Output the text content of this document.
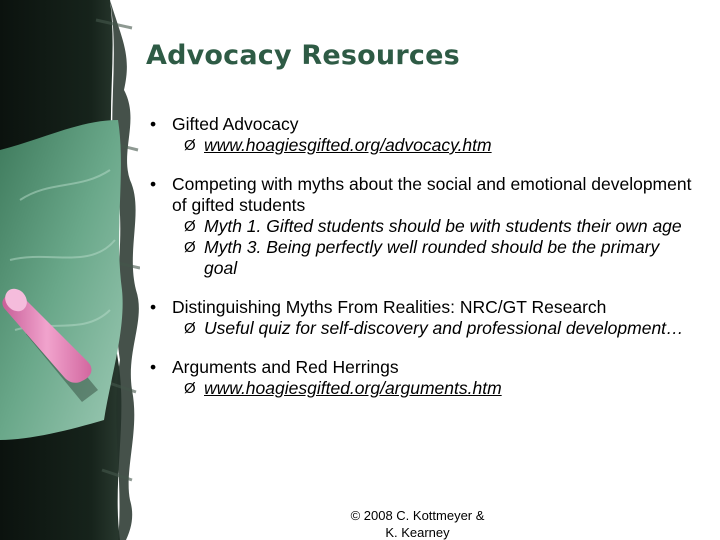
Advocacy Resources
• Gifted Advocacy
Ø www.hoagiesgifted.org/advocacy.htm
• Competing with myths about the social and emotional development of gifted students
Ø Myth 1. Gifted students should be with students their own age
Ø Myth 3. Being perfectly well rounded should be the primary goal
• Distinguishing Myths From Realities: NRC/GT Research
Ø Useful quiz for self-discovery and professional development…
• Arguments and Red Herrings
Ø www.hoagiesgifted.org/arguments.htm
© 2008 C. Kottmeyer &
K. Kearney
